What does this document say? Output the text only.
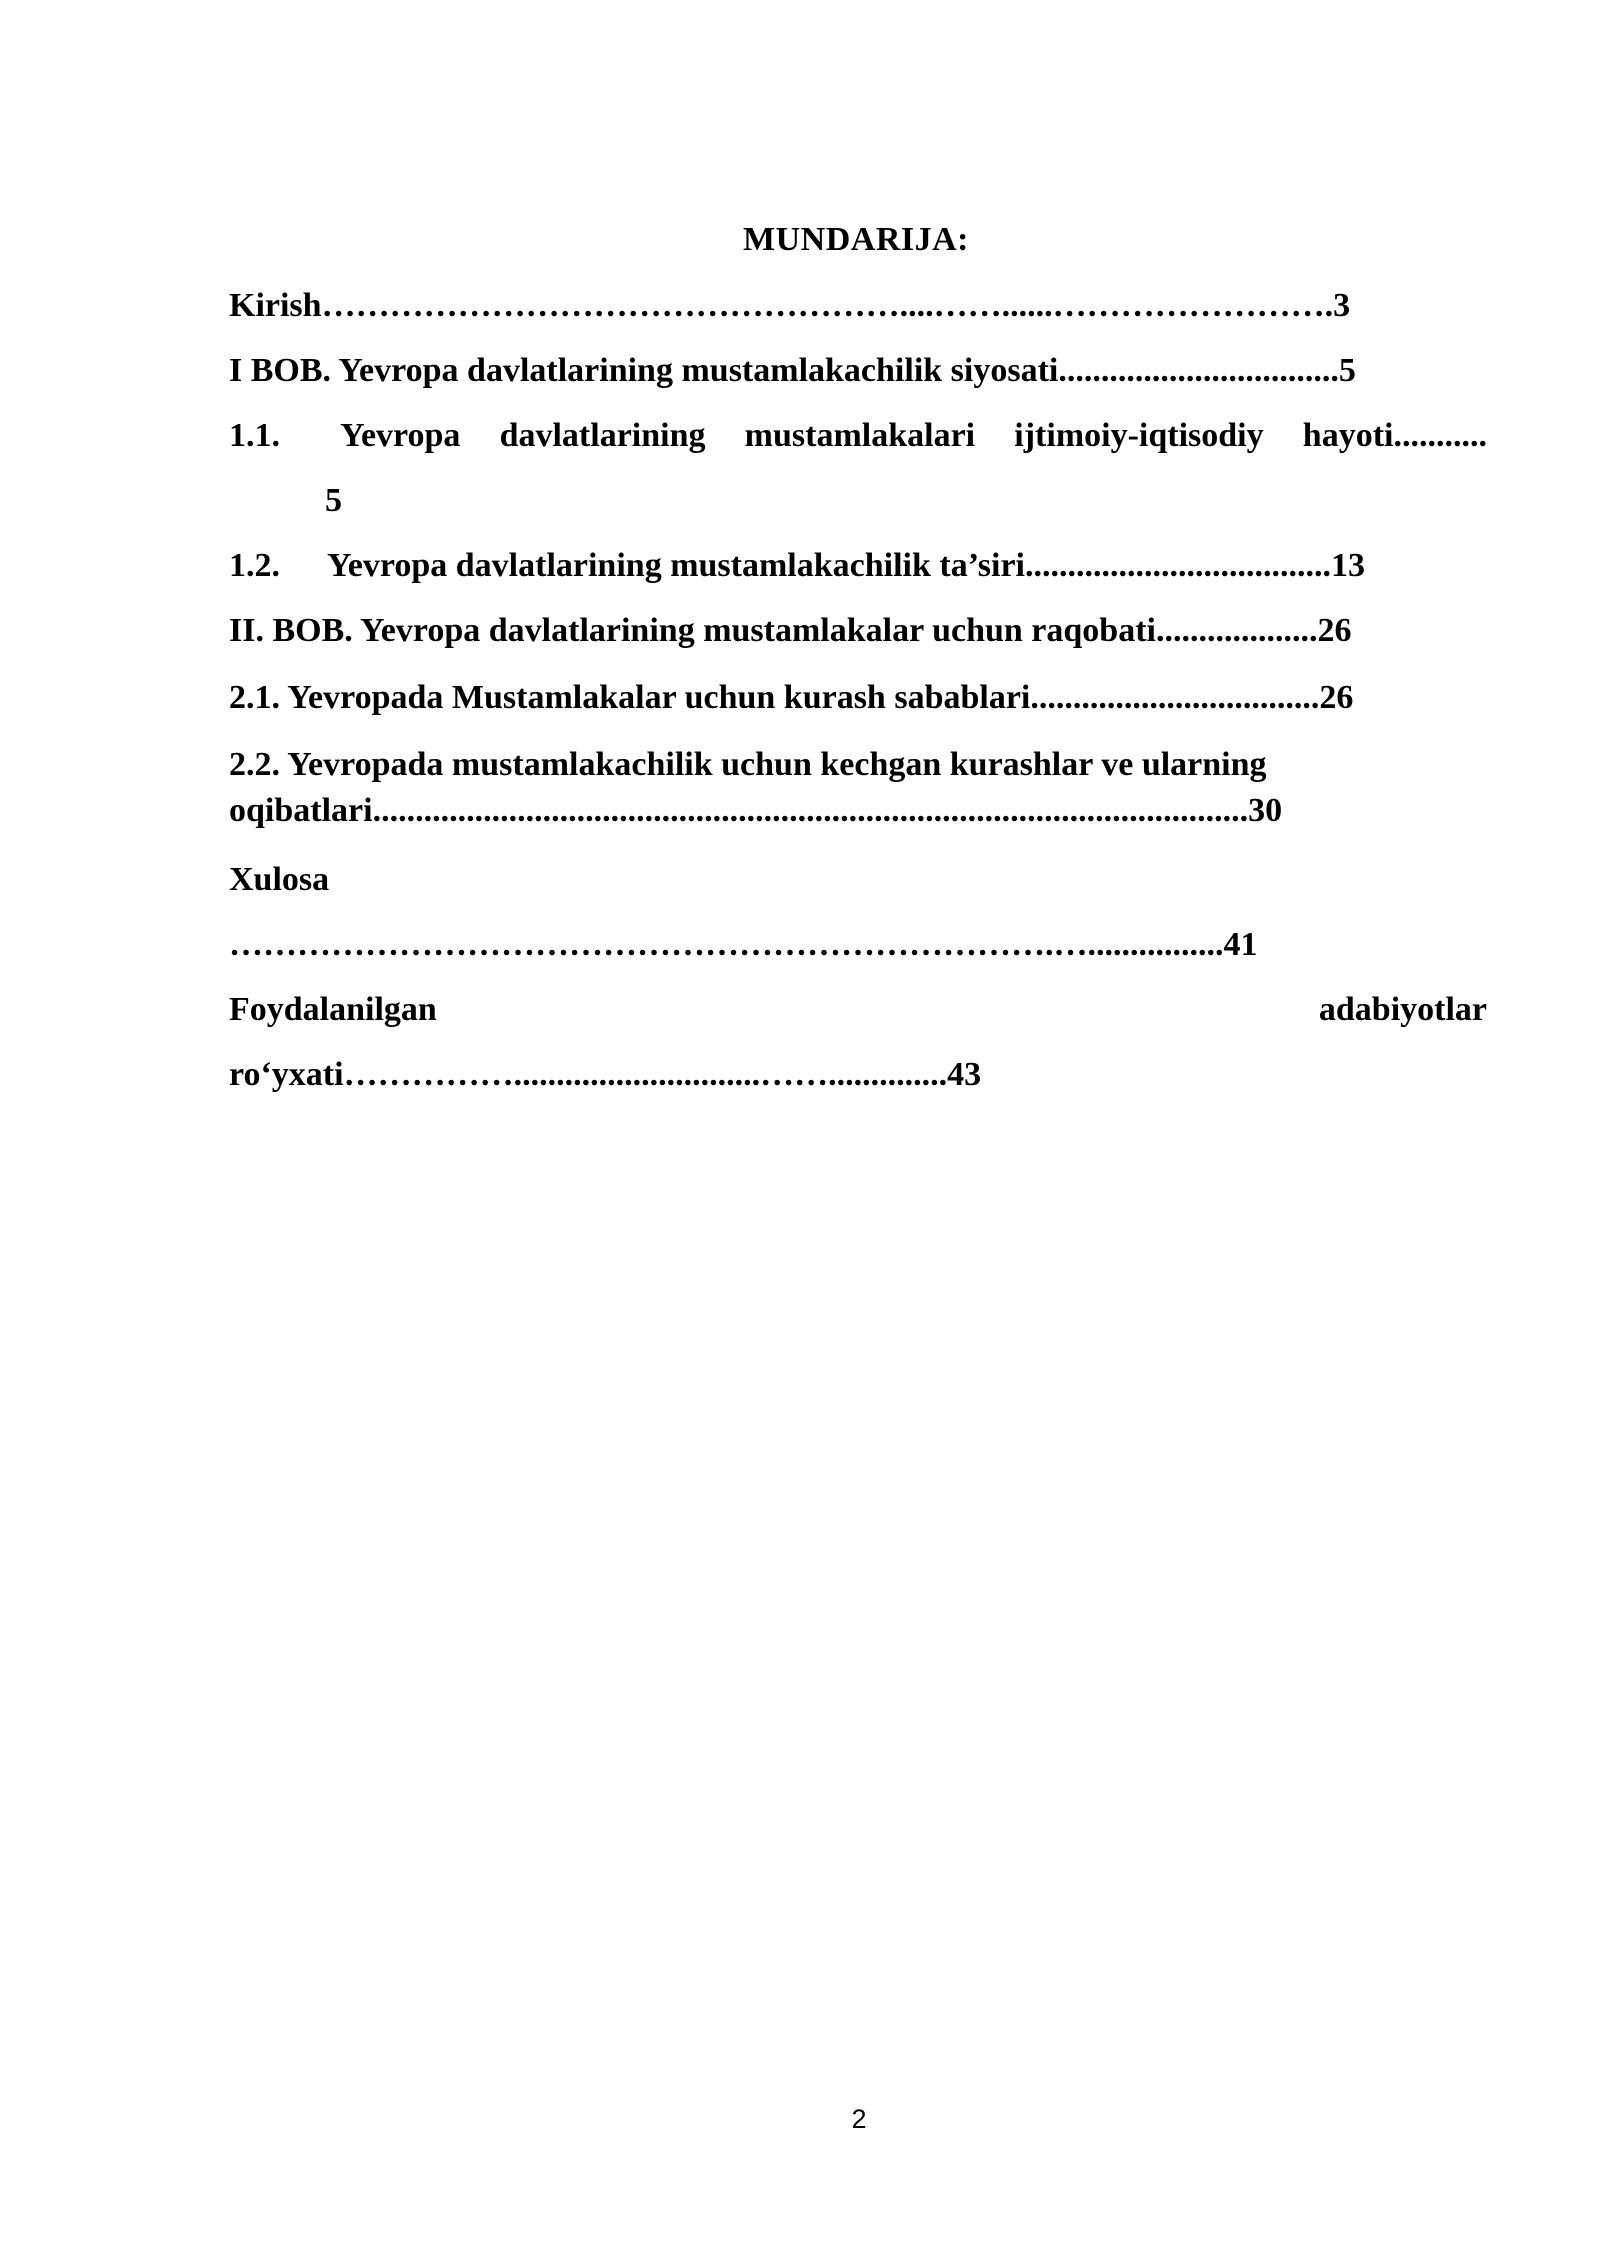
MUNDARIJA:
Kirish……………………………………………....……......…………………….3
I BOB. Yevropa davlatlarining mustamlakachilik siyosati.................................5
1.1.	Yevropa davlatlarining mustamlakalari ijtimoiy-iqtisodiy hayoti...........
5
1.2. Yevropa davlatlarining mustamlakachilik ta’siri....................................13
II. BOB. Yevropa davlatlarining mustamlakalar uchun raqobati...................26
2.1. Yevropada Mustamlakalar uchun kurash sabablari..................................26
2.2. Yevropada mustamlakachilik uchun kechgan kurashlar ve ularning
oqibatlari.......................................................................................................30
Xulosa
……………………………………………………………….…................41
Foydalanilgan	adabiyotlar
ro‘yxati…………….............................……..............43
2
